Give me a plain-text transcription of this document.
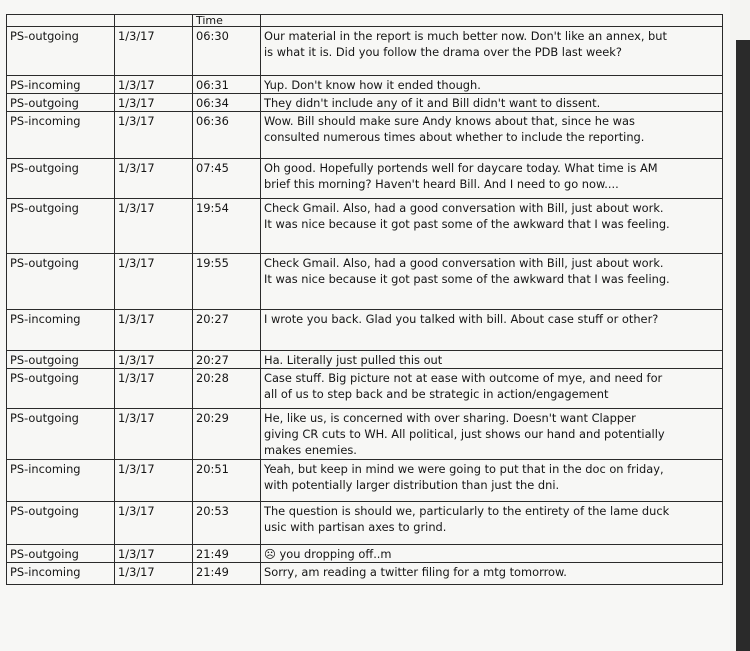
		Time	
PS-outgoing	1/3/17	06:30	Our material in the report is much better now. Don't like an annex, but
is what it is. Did you follow the drama over the PDB last week?

PS-incoming	1/3/17	06:31	Yup. Don't know how it ended though.

PS-outgoing	1/3/17	06:34	They didn't include any of it and Bill didn't want to dissent.

PS-incoming	1/3/17	06:36	Wow. Bill should make sure Andy knows about that, since he was
consulted numerous times about whether to include the reporting.

PS-outgoing	1/3/17	07:45	Oh good. Hopefully portends well for daycare today. What time is AM
brief this morning? Haven't heard Bill. And I need to go now....

PS-outgoing	1/3/17	19:54	Check Gmail. Also, had a good conversation with Bill, just about work.
It was nice because it got past some of the awkward that I was feeling.

PS-outgoing	1/3/17	19:55	Check Gmail. Also, had a good conversation with Bill, just about work.
It was nice because it got past some of the awkward that I was feeling.

PS-incoming	1/3/17	20:27	I wrote you back. Glad you talked with bill. About case stuff or other?

PS-outgoing	1/3/17	20:27	Ha. Literally just pulled this out

PS-outgoing	1/3/17	20:28	Case stuff. Big picture not at ease with outcome of mye, and need for
all of us to step back and be strategic in action/engagement

PS-outgoing	1/3/17	20:29	He, like us, is concerned with over sharing. Doesn't want Clapper
giving CR cuts to WH. All political, just shows our hand and potentially
makes enemies.

PS-incoming	1/3/17	20:51	Yeah, but keep in mind we were going to put that in the doc on friday,
with potentially larger distribution than just the dni.

PS-outgoing	1/3/17	20:53	The question is should we, particularly to the entirety of the lame duck
usic with partisan axes to grind.

PS-outgoing	1/3/17	21:49	☹ you dropping off..m

PS-incoming	1/3/17	21:49	Sorry, am reading a twitter filing for a mtg tomorrow.
